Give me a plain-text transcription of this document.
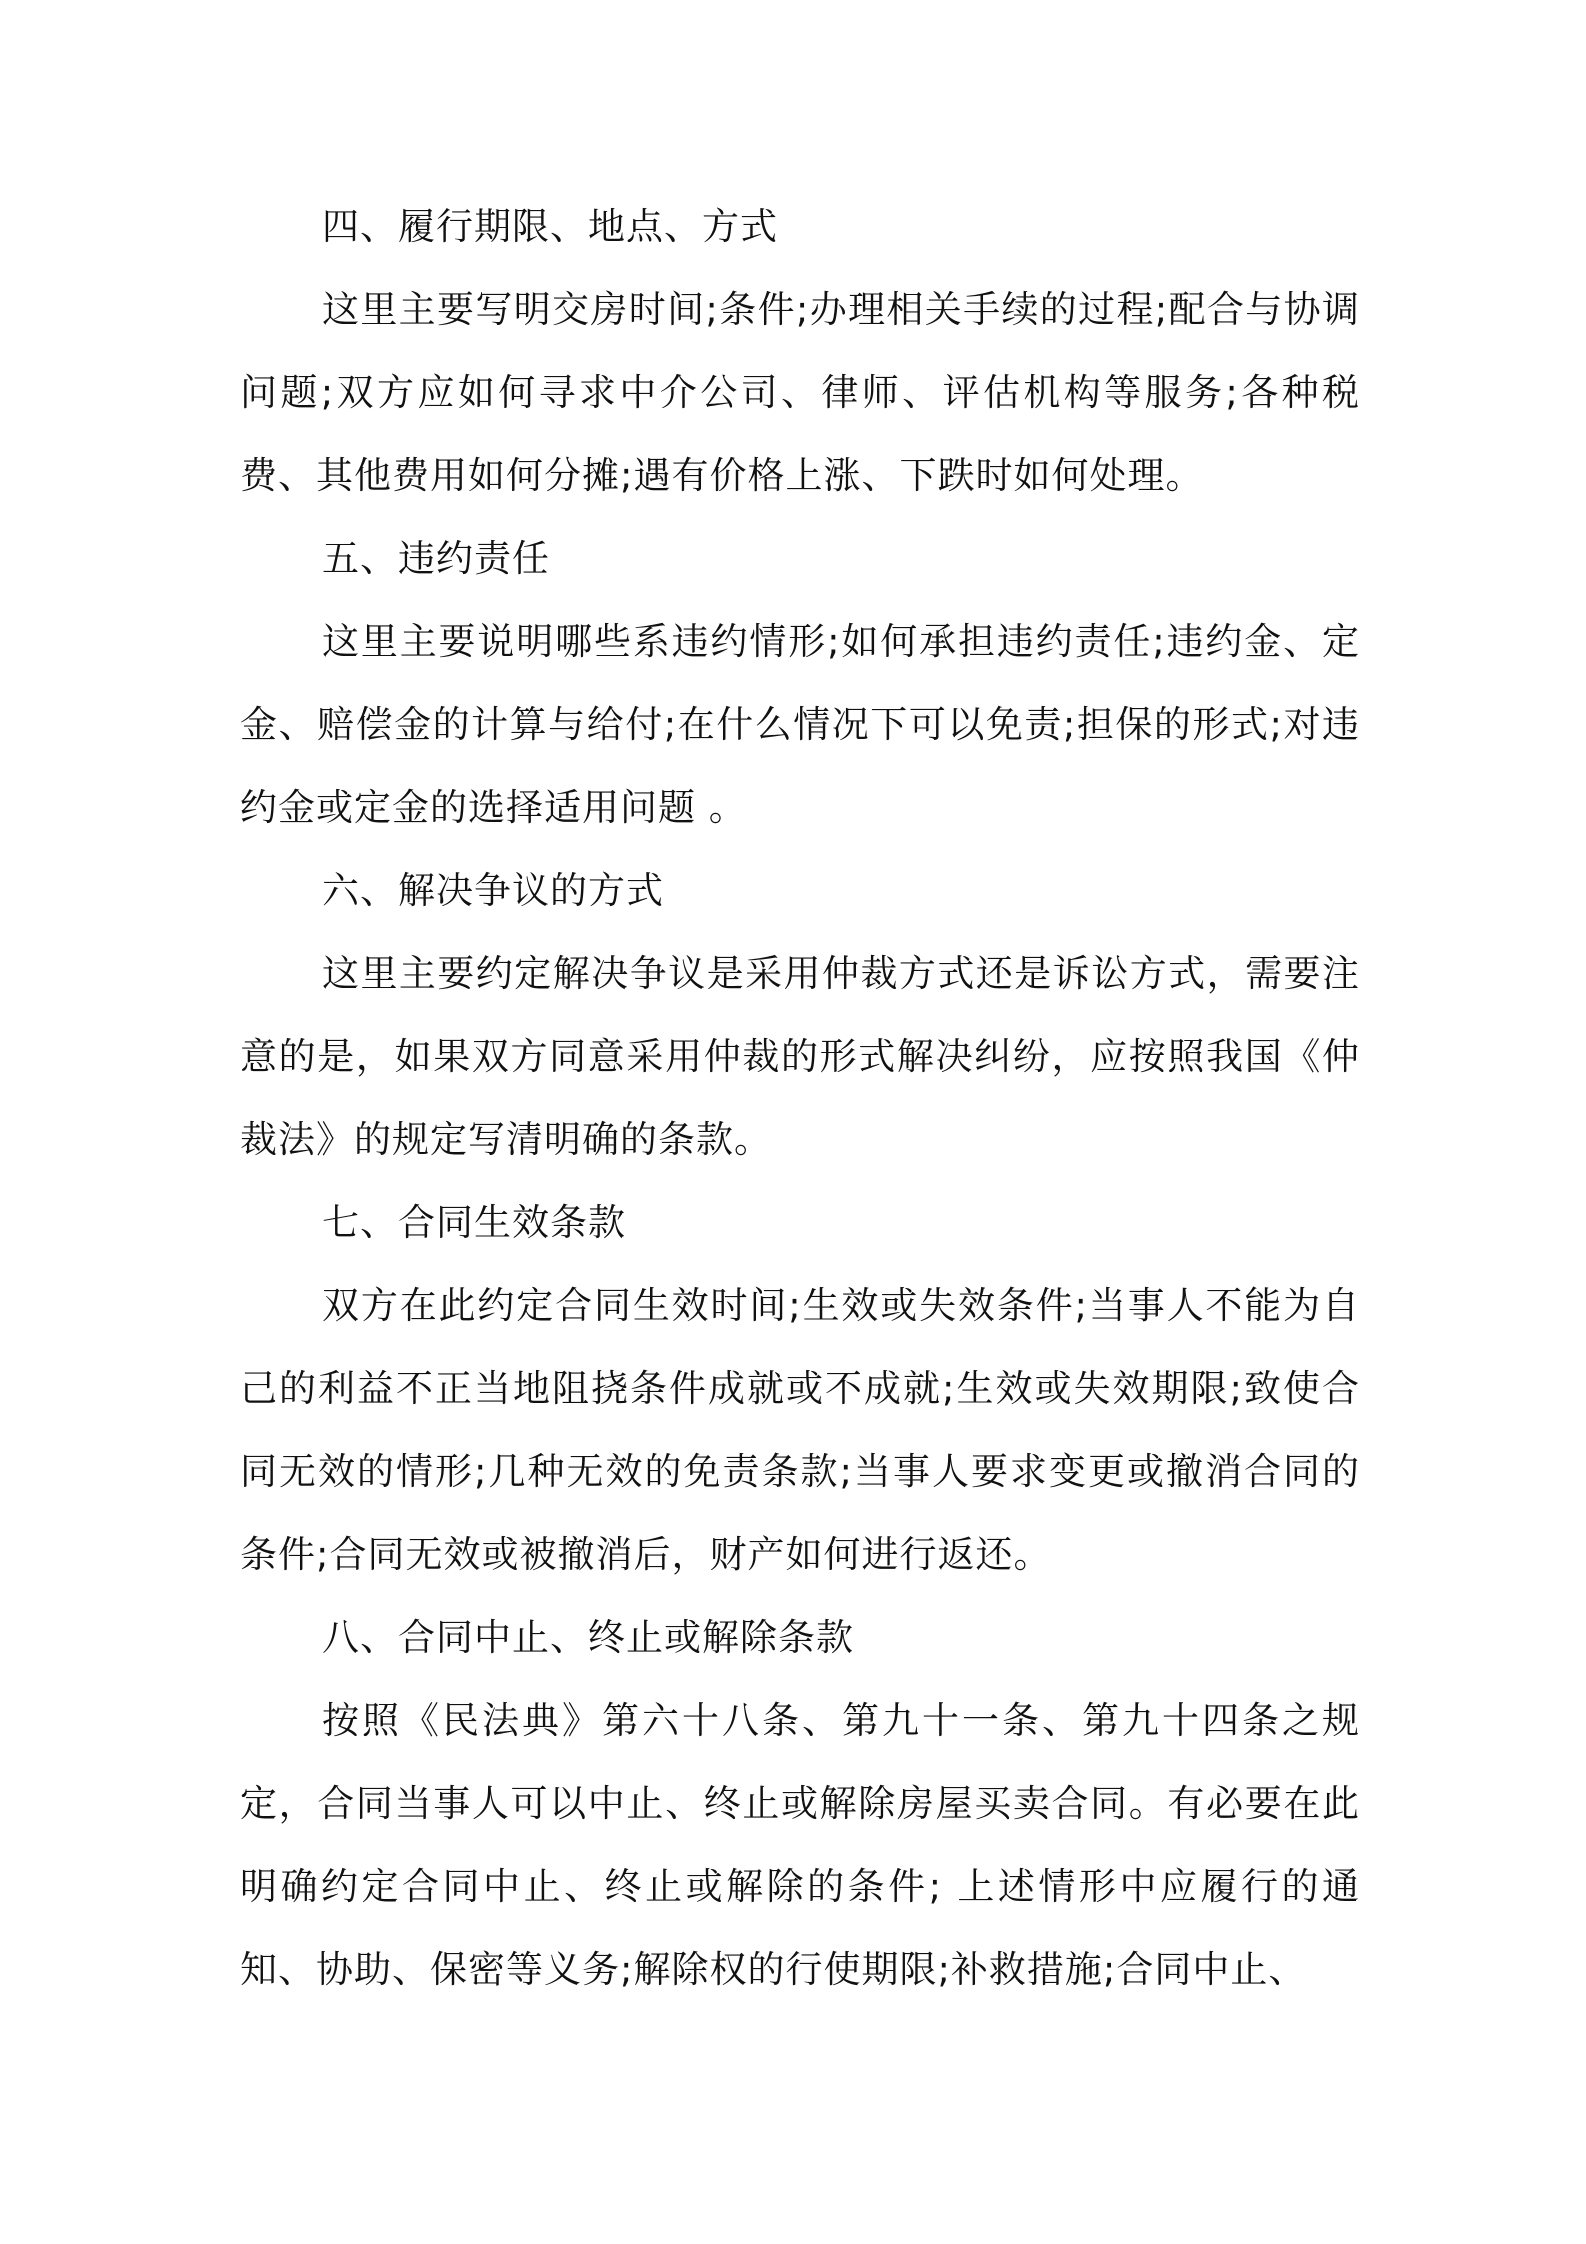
四、履行期限、地点、方式

这里主要写明交房时间;条件;办理相关手续的过程;配合与协调问题;双方应如何寻求中介公司、律师、评估机构等服务;各种税费、其他费用如何分摊;遇有价格上涨、下跌时如何处理。

五、违约责任

这里主要说明哪些系违约情形;如何承担违约责任;违约金、定金、赔偿金的计算与给付;在什么情况下可以免责;担保的形式;对违约金或定金的选择适用问题 。

六、解决争议的方式

这里主要约定解决争议是采用仲裁方式还是诉讼方式，需要注意的是，如果双方同意采用仲裁的形式解决纠纷，应按照我国《仲裁法》的规定写清明确的条款。

七、合同生效条款

双方在此约定合同生效时间;生效或失效条件;当事人不能为自己的利益不正当地阻挠条件成就或不成就;生效或失效期限;致使合同无效的情形;几种无效的免责条款;当事人要求变更或撤消合同的条件;合同无效或被撤消后，财产如何进行返还。

八、合同中止、终止或解除条款

按照《民法典》第六十八条、第九十一条、第九十四条之规定，合同当事人可以中止、终止或解除房屋买卖合同。有必要在此明确约定合同中止、终止或解除的条件; 上述情形中应履行的通知、协助、保密等义务;解除权的行使期限;补救措施;合同中止、
